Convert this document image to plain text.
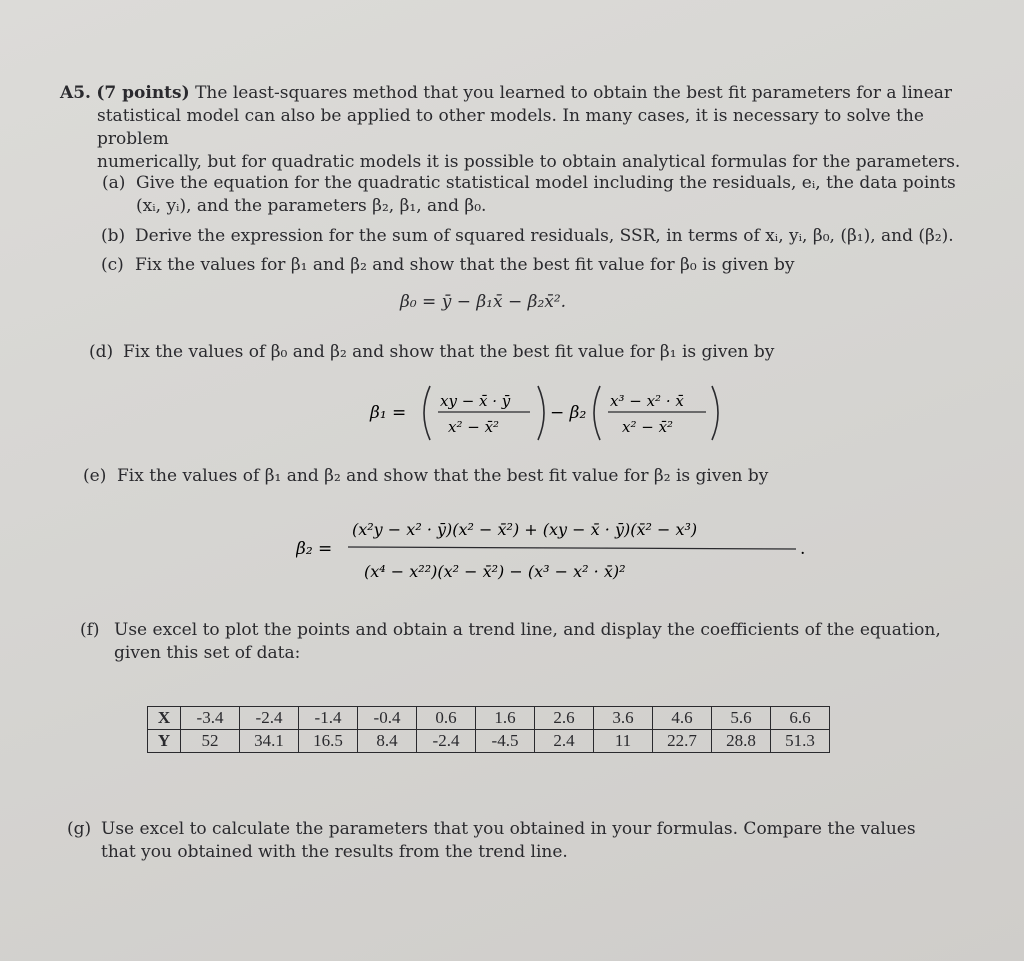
A5. (7 points) The least-squares method that you learned to obtain the best fit parameters for a linear
statistical model can also be applied to other models. In many cases, it is necessary to solve the problem
numerically, but for quadratic models it is possible to obtain analytical formulas for the parameters.
(a) Give the equation for the quadratic statistical model including the residuals, eᵢ, the data points
(xᵢ, yᵢ), and the parameters β₂, β₁, and β₀.
(b) Derive the expression for the sum of squared residuals, SSR, in terms of xᵢ, yᵢ, β₀, (β₁), and (β₂).
(c) Fix the values for β₁ and β₂ and show that the best fit value for β₀ is given by
β₀ = ȳ − β₁x̄ − β₂x̄².
(d) Fix the values of β₀ and β₂ and show that the best fit value for β₁ is given by
β₁ =
xy − x̄ · ȳ
x² − x̄²
− β₂
x³ − x² · x̄
x² − x̄²
(e) Fix the values of β₁ and β₂ and show that the best fit value for β₂ is given by
β₂ =
(x²y − x² · ȳ)(x² − x̄²) + (xy − x̄ · ȳ)(x̄² − x³)
.
(x⁴ − x²²)(x² − x̄²) − (x³ − x² · x̄)²
(f) Use excel to plot the points and obtain a trend line, and display the coefficients of the equation,
given this set of data:
X	-3.4	-2.4	-1.4	-0.4	0.6	1.6	2.6	3.6	4.6	5.6	6.6
Y	52	34.1	16.5	8.4	-2.4	-4.5	2.4	11	22.7	28.8	51.3
(g) Use excel to calculate the parameters that you obtained in your formulas. Compare the values
that you obtained with the results from the trend line.
